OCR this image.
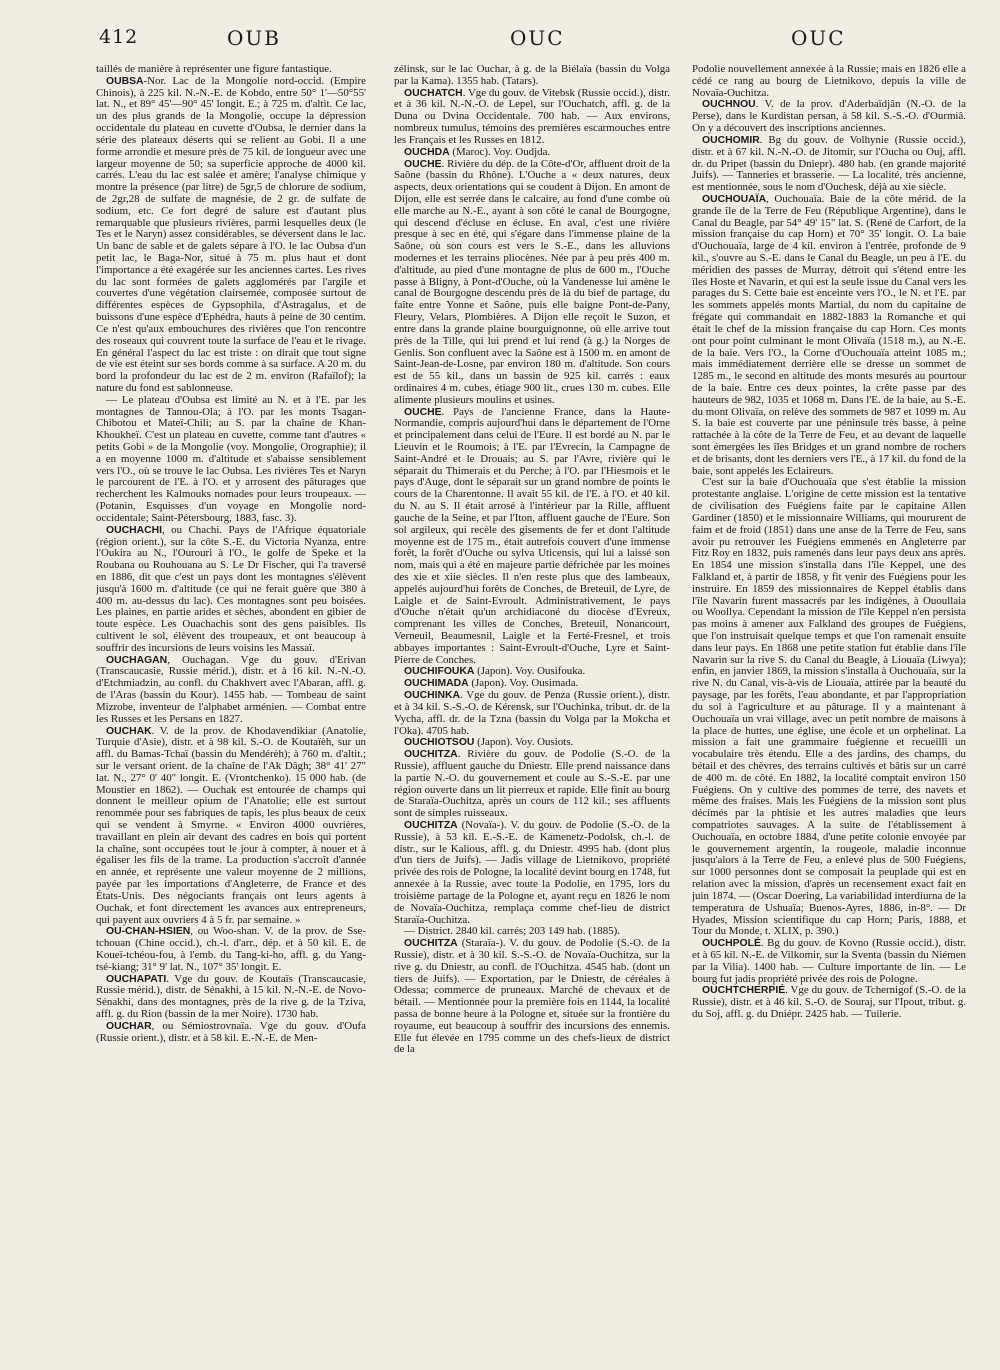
412	OUB	OUC	OUC

taillés de manière à représenter une figure fantastique.

OUBSA-Nor. Lac de la Mongolie nord-occid. (Empire Chinois), à 225 kil. N.-N.-E. de Kobdo, entre 50° 1'—50°55' lat. N., et 89° 45'—90° 45' longit. E.; à 725 m. d'altit. Ce lac, un des plus grands de la Mongolie, occupe la dépression occidentale du plateau en cuvette d'Oubsa, le dernier dans la série des plateaux déserts qui se relient au Gobi. Il a une forme arrondie et mesure près de 75 kil. de longueur avec une largeur moyenne de 50; sa superficie approche de 4000 kil. carrés. L'eau du lac est salée et amère; l'analyse chimique y montre la présence (par litre) de 5gr,5 de chlorure de sodium, de 2gr,28 de sulfate de magnésie, de 2 gr. de sulfate de sodium, etc. Ce fort degré de salure est d'autant plus remarquable que plusieurs rivières, parmi lesquelles deux (le Tes et le Naryn) assez considérables, se déversent dans le lac. Un banc de sable et de galets sépare à l'O. le lac Oubsa d'un petit lac, le Baga-Nor, situé à 75 m. plus haut et dont l'importance a été exagérée sur les anciennes cartes. Les rives du lac sont formées de galets agglomérés par l'argile et couvertes d'une végétation clairsemée, composée surtout de différentes espèces de Gypsophila, d'Astragalus, et de buissons d'une espèce d'Ephédra, hauts à peine de 30 centim. Ce n'est qu'aux embouchures des rivières que l'on rencontre des roseaux qui couvrent toute la surface de l'eau et le rivage. En général l'aspect du lac est triste : on dirait que tout signe de vie est éteint sur ses bords comme à sa surface. A 20 m. du bord la profondeur du lac est de 2 m. environ (Rafaïlof); la nature du fond est sablonneuse.

— Le plateau d'Oubsa est limité au N. et à l'E. par les montagnes de Tannou-Ola; à l'O. par les monts Tsagan-Chibotou et Mateï-Chili; au S. par la chaîne de Khan-Khoukheï. C'est un plateau en cuvette, comme tant d'autres « petits Gobi » de la Mongolie (voy. Mongolie, Orographie); il a en moyenne 1000 m. d'altitude et s'abaisse sensiblement vers l'O., où se trouve le lac Oubsa. Les rivières Tes et Naryn le parcourent de l'E. à l'O. et y arrosent des pâturages que recherchent les Kalmouks nomades pour leurs troupeaux. — (Potanin, Esquisses d'un voyage en Mongolie nord-occidentale; Saint-Pétersbourg, 1883, fasc. 3).

OUCHACHI, ou Chachi. Pays de l'Afrique équatoriale (région orient.), sur la côte S.-E. du Victoria Nyanza, entre l'Oukira au N., l'Ourouri à l'O., le golfe de Speke et la Roubana ou Rouhouana au S. Le Dr Fischer, qui l'a traversé en 1886, dit que c'est un pays dont les montagnes s'élèvent jusqu'à 1600 m. d'altitude (ce qui ne ferait guère que 380 à 400 m. au-dessus du lac). Ces montagnes sont peu boisées. Les plaines, en partie arides et sèches, abondent en gibier de toute espèce. Les Ouachachis sont des gens paisibles. Ils cultivent le sol, élèvent des troupeaux, et ont beaucoup à souffrir des incursions de leurs voisins les Massaï.

OUCHAGAN, Ouchagan. Vge du gouv. d'Erivan (Transcaucasie, Russie mérid.), distr. et à 16 kil. N.-N.-O. d'Etchmiadzin, au confl. du Chakhvert avec l'Abaran, affl. g. de l'Aras (bassin du Kour). 1455 hab. — Tombeau de saint Mizrobe, inventeur de l'alphabet arménien. — Combat entre les Russes et les Persans en 1827.

OUCHAK. V. de la prov. de Khodavendikiar (Anatolie, Turquie d'Asie), distr. et à 98 kil. S.-O. de Koutaïèh, sur un affl. du Bamas-Tchaï (bassin du Mendérèh); à 760 m. d'altit.; sur le versant orient. de la chaîne de l'Ak Dâgh; 38° 41' 27" lat. N., 27° 0' 40" longit. E. (Vrontchenko). 15 000 hab. (de Moustier en 1862). — Ouchak est entourée de champs qui donnent le meilleur opium de l'Anatolie; elle est surtout renommée pour ses fabriques de tapis, les plus beaux de ceux qui se vendent à Smyrne. « Environ 4000 ouvrières, travaillant en plein air devant des cadres en bois qui portent la chaîne, sont occupées tout le jour à compter, à nouer et à égaliser les fils de la trame. La production s'accroît d'année en année, et représente une valeur moyenne de 2 millions, payée par les importations d'Angleterre, de France et des États-Unis. Des négociants français ont leurs agents à Ouchak, et font directement les avances aux entrepreneurs, qui payent aux ouvriers 4 à 5 fr. par semaine. »

OU-CHAN-HSIEN, ou Woo-shan. V. de la prov. de Sse-tchouan (Chine occid.), ch.-l. d'arr., dép. et à 50 kil. E. de Koueï-tchéou-fou, à l'emb. du Tang-ki-ho, affl. g. du Yang-tsé-kiang; 31° 9' lat. N., 107° 35' longit. E.

OUCHAPATI. Vge du gouv. de Koutaïs (Transcaucasie, Russie mérid.), distr. de Sénakhi, à 15 kil. N.-N.-E. de Novo-Sénakhi, dans des montagnes, près de la rive g. de la Tziva, affl. g. du Rion (bassin de la mer Noire). 1730 hab.

OUCHAR, ou Sémiostrovnaïa. Vge du gouv. d'Oufa (Russie orient.), distr. et à 58 kil. E.-N.-E. de Men-

zélinsk, sur le lac Ouchar, à g. de la Biélaïa (bassin du Volga par la Kama). 1355 hab. (Tatars).

OUCHATCH. Vge du gouv. de Vitebsk (Russie occid.), distr. et à 36 kil. N.-N.-O. de Lepel, sur l'Ouchatch, affl. g. de la Duna ou Dvina Occidentale. 700 hab. — Aux environs, nombreux tumulus, témoins des premières escarmouches entre les Français et les Russes en 1812.

OUCHDA (Maroc). Voy. Oudjda.

OUCHE. Rivière du dép. de la Côte-d'Or, affluent droit de la Saône (bassin du Rhône). L'Ouche a « deux natures, deux aspects, deux orientations qui se coudent à Dijon. En amont de Dijon, elle est serrée dans le calcaire, au fond d'une combe où elle marche au N.-E., ayant à son côté le canal de Bourgogne, qui descend d'écluse en écluse. En aval, c'est une rivière presque à sec en été, qui s'égare dans l'immense plaine de la Saône, où son cours est vers le S.-E., dans les alluvions modernes et les terrains pliocènes. Née par à peu près 400 m. d'altitude, au pied d'une montagne de plus de 600 m., l'Ouche passe à Bligny, à Pont-d'Ouche, où la Vandenesse lui amène le canal de Bourgogne descendu près de là du bief de partage, du faîte entre Yonne et Saône, puis elle baigne Pont-de-Pany, Fleury, Velars, Plombières. A Dijon elle reçoit le Suzon, et entre dans la grande plaine bourguignonne, où elle arrive tout près de la Tille, qui lui prend et lui rend (à g.) la Norges de Genlis. Son confluent avec la Saône est à 1500 m. en amont de Saint-Jean-de-Losne, par environ 180 m. d'altitude. Son cours est de 55 kil., dans un bassin de 925 kil. carrés : eaux ordinaires 4 m. cubes, étiage 900 lit., crues 130 m. cubes. Elle alimente plusieurs moulins et usines.

OUCHE. Pays de l'ancienne France, dans la Haute-Normandie, compris aujourd'hui dans le département de l'Orne et principalement dans celui de l'Eure. Il est bordé au N. par le Lieuvin et le Roumois; à l'E. par l'Evrecin, la Campagne de Saint-André et le Drouais; au S. par l'Avre, rivière qui le séparait du Thimerais et du Perche; à l'O. par l'Hiesmois et le pays d'Auge, dont le séparait sur un grand nombre de points le cours de la Charentonne. Il avait 55 kil. de l'E. à l'O. et 40 kil. du N. au S. Il était arrosé à l'intérieur par la Rille, affluent gauche de la Seine, et par l'Iton, affluent gauche de l'Eure. Son sol argileux, qui recèle des gisements de fer et dont l'altitude moyenne est de 175 m., était autrefois couvert d'une immense forêt, la forêt d'Ouche ou sylva Uticensis, qui lui a laissé son nom, mais qui a été en majeure partie défrichée par les moines des xie et xiie siècles. Il n'en reste plus que des lambeaux, appelés aujourd'hui forêts de Conches, de Breteuil, de Lyre, de Laigle et de Saint-Evroult. Administrativement, le pays d'Ouche n'était qu'un archidiaconé du diocèse d'Evreux, comprenant les villes de Conches, Breteuil, Nonancourt, Verneuil, Beaumesnil, Laigle et la Ferté-Fresnel, et trois abbayes importantes : Saint-Evroult-d'Ouche, Lyre et Saint-Pierre de Conches.

OUCHIFOUKA (Japon). Voy. Ousifouka.

OUCHIMADA (Japon). Voy. Ousimada.

OUCHINKA. Vge du gouv. de Penza (Russie orient.), distr. et à 34 kil. S.-S.-O. de Kérensk, sur l'Ouchinka, tribut. dr. de la Vycha, affl. dr. de la Tzna (bassin du Volga par la Mokcha et l'Oka). 4705 hab.

OUCHIOTSOU (Japon). Voy. Ousiots.

OUCHITZA. Rivière du gouv. de Podolie (S.-O. de la Russie), affluent gauche du Dniestr. Elle prend naissance dans la partie N.-O. du gouvernement et coule au S.-S.-E. par une région ouverte dans un lit pierreux et rapide. Elle finit au bourg de Staraïa-Ouchitza, après un cours de 112 kil.; ses affluents sont de simples ruisseaux.

OUCHITZA (Novaïa-). V. du gouv. de Podolie (S.-O. de la Russie), à 53 kil. E.-S.-E. de Kamenetz-Podolsk, ch.-l. de distr., sur le Kalious, affl. g. du Dniestr. 4995 hab. (dont plus d'un tiers de Juifs). — Jadis village de Lietnikovo, propriété privée des rois de Pologne, la localité devint bourg en 1748, fut annexée à la Russie, avec toute la Podolie, en 1795, lors du troisième partage de la Pologne et, ayant reçu en 1826 le nom de Novaïa-Ouchitza, remplaça comme chef-lieu de district Staraïa-Ouchitza.

— District. 2840 kil. carrés; 203 149 hab. (1885).

OUCHITZA (Staraïa-). V. du gouv. de Podolie (S.-O. de la Russie), distr. et à 30 kil. S.-S.-O. de Novaïa-Ouchitza, sur la rive g. du Dniestr, au confl. de l'Ouchitza. 4545 hab. (dont un tiers de Juifs). — Exportation, par le Dniestr, de céréales à Odessa; commerce de pruneaux. Marché de chevaux et de bétail. — Mentionnée pour la première fois en 1144, la localité passa de bonne heure à la Pologne et, située sur la frontière du royaume, eut beaucoup à souffrir des incursions des ennemis. Elle fut élevée en 1795 comme un des chefs-lieux de district de la

Podolie nouvellement annexée à la Russie; mais en 1826 elle a cédé ce rang au bourg de Lietnikovo, depuis la ville de Novaïa-Ouchitza.

OUCHNOU. V. de la prov. d'Aderbaïdjân (N.-O. de la Perse), dans le Kurdistan persan, à 58 kil. S.-S.-O. d'Ourmiâ. On y a découvert des inscriptions anciennes.

OUCHOMIR. Bg du gouv. de Volhynie (Russie occid.), distr. et à 67 kil. N.-N.-O. de Jitomir, sur l'Oucha ou Ouj, affl. dr. du Pripet (bassin du Dniepr). 480 hab. (en grande majorité Juifs). — Tanneries et brasserie. — La localité, très ancienne, est mentionnée, sous le nom d'Ouchesk, déjà au xie siècle.

OUCHOUAÏA, Ouchouaïa. Baie de la côte mérid. de la grande île de la Terre de Feu (République Argentine), dans le Canal du Beagle, par 54° 49' 15" lat. S. (René de Carfort, de la mission française du cap Horn) et 70° 35' longit. O. La baie d'Ouchouaïa, large de 4 kil. environ à l'entrée, profonde de 9 kil., s'ouvre au S.-E. dans le Canal du Beagle, un peu à l'E. du méridien des passes de Murray, détroit qui s'étend entre les îles Hoste et Navarin, et qui est la seule issue du Canal vers les parages du S. Cette baie est enceinte vers l'O., le N. et l'E. par les sommets appelés monts Martial, du nom du capitaine de frégate qui commandait en 1882-1883 la Romanche et qui était le chef de la mission française du cap Horn. Ces monts ont pour point culminant le mont Olivaïa (1518 m.), au N.-E. de la baie. Vers l'O., la Corne d'Ouchouaïa atteint 1085 m.; mais immédiatement derrière elle se dresse un sommet de 1285 m., le second en altitude des monts mesurés au pourtour de la baie. Entre ces deux pointes, la crête passe par des hauteurs de 982, 1035 et 1068 m. Dans l'E. de la baie, au S.-E. du mont Olivaïa, on relève des sommets de 987 et 1099 m. Au S. la baie est couverte par une péninsule très basse, à peine rattachée à la côte de la Terre de Feu, et au devant de laquelle sont émergées les îles Bridges et un grand nombre de rochers et de brisants, dont les derniers vers l'E., à 17 kil. du fond de la baie, sont appelés les Eclaireurs.

C'est sur la baie d'Ouchouaïa que s'est établie la mission protestante anglaise. L'origine de cette mission est la tentative de civilisation des Fuégiens faite par le capitaine Allen Gardiner (1850) et le missionnaire Williams, qui moururent de faim et de froid (1851) dans une anse de la Terre de Feu, sans avoir pu retrouver les Fuégiens emmenés en Angleterre par Fitz Roy en 1832, puis ramenés dans leur pays deux ans après. En 1854 une mission s'installa dans l'île Keppel, une des Falkland et, à partir de 1858, y fit venir des Fuégiens pour les instruire. En 1859 des missionnaires de Keppel établis dans l'île Navarin furent massacrés par les indigènes, à Ououllaia ou Woollya. Cependant la mission de l'île Keppel n'en persista pas moins à amener aux Falkland des groupes de Fuégiens, que l'on instruisait quelque temps et que l'on ramenait ensuite dans leur pays. En 1868 une petite station fut établie dans l'île Navarin sur la rive S. du Canal du Beagle, à Liouaïa (Liwya); enfin, en janvier 1869, la mission s'installa à Ouchouaïa, sur la rive N. du Canal, vis-à-vis de Liouaïa, attirée par la beauté du paysage, par les forêts, l'eau abondante, et par l'appropriation du sol à l'agriculture et au pâturage. Il y a maintenant à Ouchouaïa un vrai village, avec un petit nombre de maisons à la place de huttes, une église, une école et un orphelinat. La mission a fait une grammaire fuégienne et recueilli un vocabulaire très étendu. Elle a des jardins, des champs, du bétail et des chèvres, des terrains cultivés et bâtis sur un carré de 400 m. de côté. En 1882, la localité comptait environ 150 Fuégiens. On y cultive des pommes de terre, des navets et même des fraises. Mais les Fuégiens de la mission sont plus décimés par la phtisie et les autres maladies que leurs compatriotes sauvages. A la suite de l'établissement à Ouchouaïa, en octobre 1884, d'une petite colonie envoyée par le gouvernement argentin, la rougeole, maladie inconnue jusqu'alors à la Terre de Feu, a enlevé plus de 500 Fuégiens, sur 1000 personnes dont se composait la peuplade qui est en relation avec la mission, d'après un recensement exact fait en juin 1874. — (Oscar Doering, La variabilidad interdiurna de la temperatura de Ushuaïa; Buenos-Ayres, 1886, in-8°. — Dr Hyades, Mission scientifique du cap Horn; Paris, 1888, et Tour du Monde, t. XLIX, p. 390.)

OUCHPOLÉ. Bg du gouv. de Kovno (Russie occid.), distr. et à 65 kil. N.-E. de Vilkomir, sur la Sventa (bassin du Niémen par la Vilia). 1400 hab. — Culture importante de lin. — Le bourg fut jadis propriété privée des rois de Pologne.

OUCHTCHERPIÉ. Vge du gouv. de Tchernigof (S.-O. de la Russie), distr. et à 46 kil. S.-O. de Souraj, sur l'Ipout, tribut. g. du Soj, affl. g. du Dniépr. 2425 hab. — Tuilerie.
